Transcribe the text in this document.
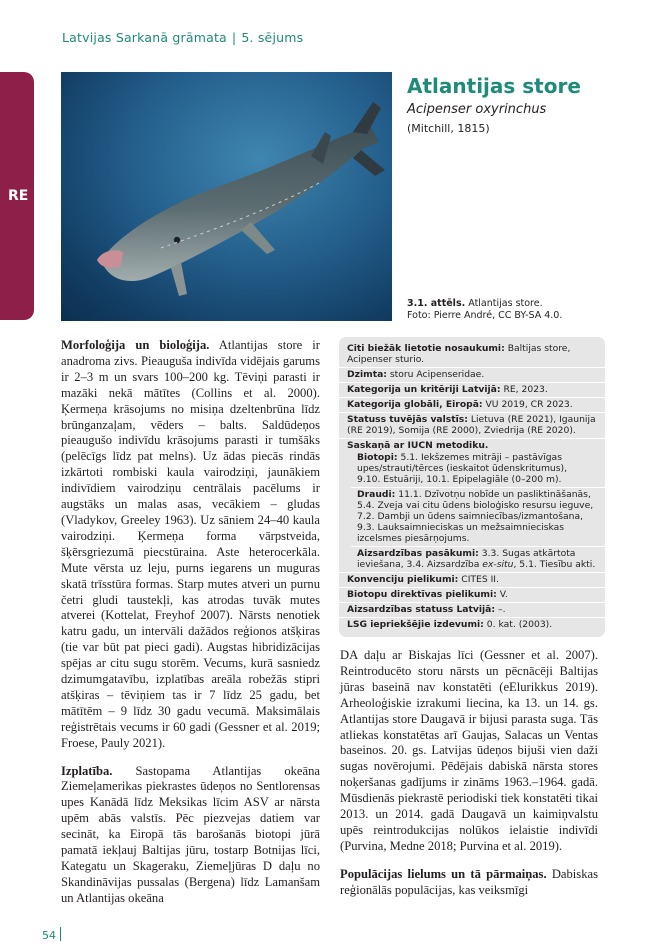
Latvijas Sarkanā grāmata | 5. sējums
RE
Atlantijas store
Acipenser oxyrinchus
(Mitchill, 1815)
3.1. attēls. Atlantijas store.
Foto: Pierre André, CC BY-SA 4.0.

Morfoloģija un bioloģija. Atlantijas store ir anadroma zivs. Pieauguša indivīda vidējais garums ir 2–3 m un svars 100–200 kg. Tēviņi parasti ir mazāki nekā mātītes (Collins et al. 2000). Ķermeņa krāsojums no misiņa dzeltenbrūna līdz brūnganzaļam, vēders – balts. Saldūdeņos pieaugušo indivīdu krāsojums parasti ir tumšāks (pelēcīgs līdz pat melns). Uz ādas piecās rindās izkārtoti rombiski kaula vairodziņi, jaunākiem indivīdiem vairodziņu centrālais pacēlums ir augstāks un malas asas, vecākiem – gludas (Vladykov, Greeley 1963). Uz sāniem 24–40 kaula vairodziņi. Ķermeņa forma vārpstveida, šķērsgriezumā piecstūraina. Aste heterocerkāla. Mute vērsta uz leju, purns iegarens un muguras skatā trīsstūra formas. Starp mutes atveri un purnu četri gludi taustekļi, kas atrodas tuvāk mutes atverei (Kottelat, Freyhof 2007). Nārsts nenotiek katru gadu, un intervāli dažādos reģionos atšķiras (tie var būt pat pieci gadi). Augstas hibridizācijas spējas ar citu sugu storēm. Vecums, kurā sasniedz dzimumgatavību, izplatības areāla robežās stipri atšķiras – tēviņiem tas ir 7 līdz 25 gadu, bet mātītēm – 9 līdz 30 gadu vecumā. Maksimālais reģistrētais vecums ir 60 gadi (Gessner et al. 2019; Froese, Pauly 2021).

Izplatība. Sastopama Atlantijas okeāna Ziemeļamerikas piekrastes ūdeņos no Sentlorensas upes Kanādā līdz Meksikas līcim ASV ar nārsta upēm abās valstīs. Pēc piezvejas datiem var secināt, ka Eiropā tās barošanās biotopi jūrā pamatā iekļauj Baltijas jūru, tostarp Botnijas līci, Kategatu un Skageraku, Ziemeļjūras D daļu no Skandināvijas pussalas (Bergena) līdz Lamanšam un Atlantijas okeāna

Citi biežāk lietotie nosaukumi: Baltijas store,
Acipenser sturio.
Dzimta: storu Acipenseridae.
Kategorija un kritēriji Latvijā: RE, 2023.
Kategorija globāli, Eiropā: VU 2019, CR 2023.
Statuss tuvējās valstīs: Lietuva (RE 2021), Igaunija
(RE 2019), Somija (RE 2000), Zviedrija (RE 2020).
Saskaņā ar IUCN metodiku.
Biotopi: 5.1. Iekšzemes mitrāji – pastāvīgas
upes/strauti/tērces (ieskaitot ūdenskritumus),
9.10. Estuāriji, 10.1. Epipelagiāle (0–200 m).
Draudi: 11.1. Dzīvotņu nobīde un pasliktināšanās,
5.4. Zveja vai citu ūdens bioloģisko resursu ieguve,
7.2. Dambji un ūdens saimniecības/izmantošana,
9.3. Lauksaimnieciskas un mežsaimnieciskas
izcelsmes piesārņojums.
Aizsardzības pasākumi: 3.3. Sugas atkārtota
ieviešana, 3.4. Aizsardzība ex-situ, 5.1. Tiesību akti.
Konvenciju pielikumi: CITES II.
Biotopu direktīvas pielikumi: V.
Aizsardzības statuss Latvijā: –.
LSG iepriekšējie izdevumi: 0. kat. (2003).

DA daļu ar Biskajas līci (Gessner et al. 2007). Reintroducēto storu nārsts un pēcnācēji Baltijas jūras baseinā nav konstatēti (eElurikkus 2019). Arheoloģiskie izrakumi liecina, ka 13. un 14. gs. Atlantijas store Daugavā ir bijusi parasta suga. Tās atliekas konstatētas arī Gaujas, Salacas un Ventas baseinos. 20. gs. Latvijas ūdeņos bijuši vien daži sugas novērojumi. Pēdējais dabiskā nārsta stores noķeršanas gadījums ir zināms 1963.–1964. gadā. Mūsdienās piekrastē periodiski tiek konstatēti tikai 2013. un 2014. gadā Daugavā un kaimiņvalstu upēs reintrodukcijas nolūkos ielaistie indivīdi (Purvina, Medne 2018; Purvina et al. 2019).

Populācijas lielums un tā pārmaiņas. Dabiskas reģionālās populācijas, kas veiksmīgi

54
